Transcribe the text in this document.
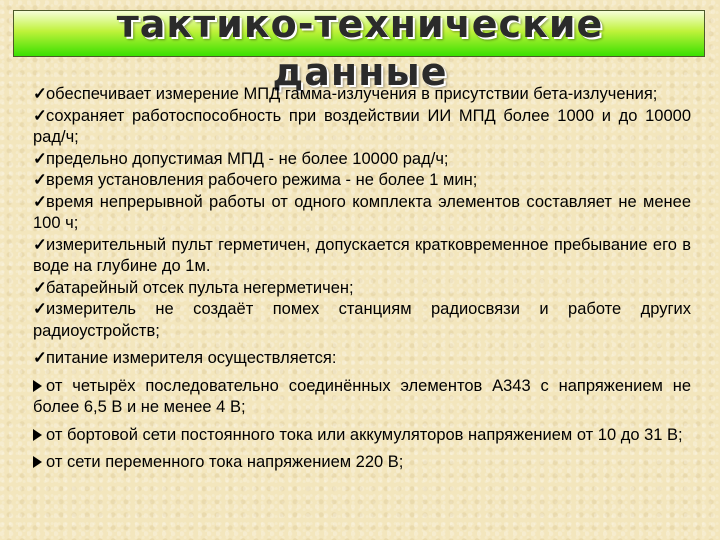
тактико-технические
данные

✓обеспечивает измерение МПД гамма-излучения в присутствии бета-излучения;

✓сохраняет работоспособность при воздействии ИИ МПД более 1000 и до 10000 рад/ч;

✓предельно допустимая МПД - не более 10000 рад/ч;

✓время установления рабочего режима - не более 1 мин;

✓время непрерывной работы от одного комплекта элементов составляет не менее 100 ч;

✓измерительный пульт герметичен, допускается кратковременное пребывание его в воде на глубине до 1м.

✓батарейный отсек пульта негерметичен;

✓измеритель не создаёт помех станциям радиосвязи и работе других радиоустройств;

✓питание измерителя осуществляется:

от четырёх последовательно соединённых элементов А343 с напряжением не более 6,5 В и не менее 4 В;

от бортовой сети постоянного тока или аккумуляторов напряжением от 10 до 31 В;

от сети переменного тока напряжением 220 В;
